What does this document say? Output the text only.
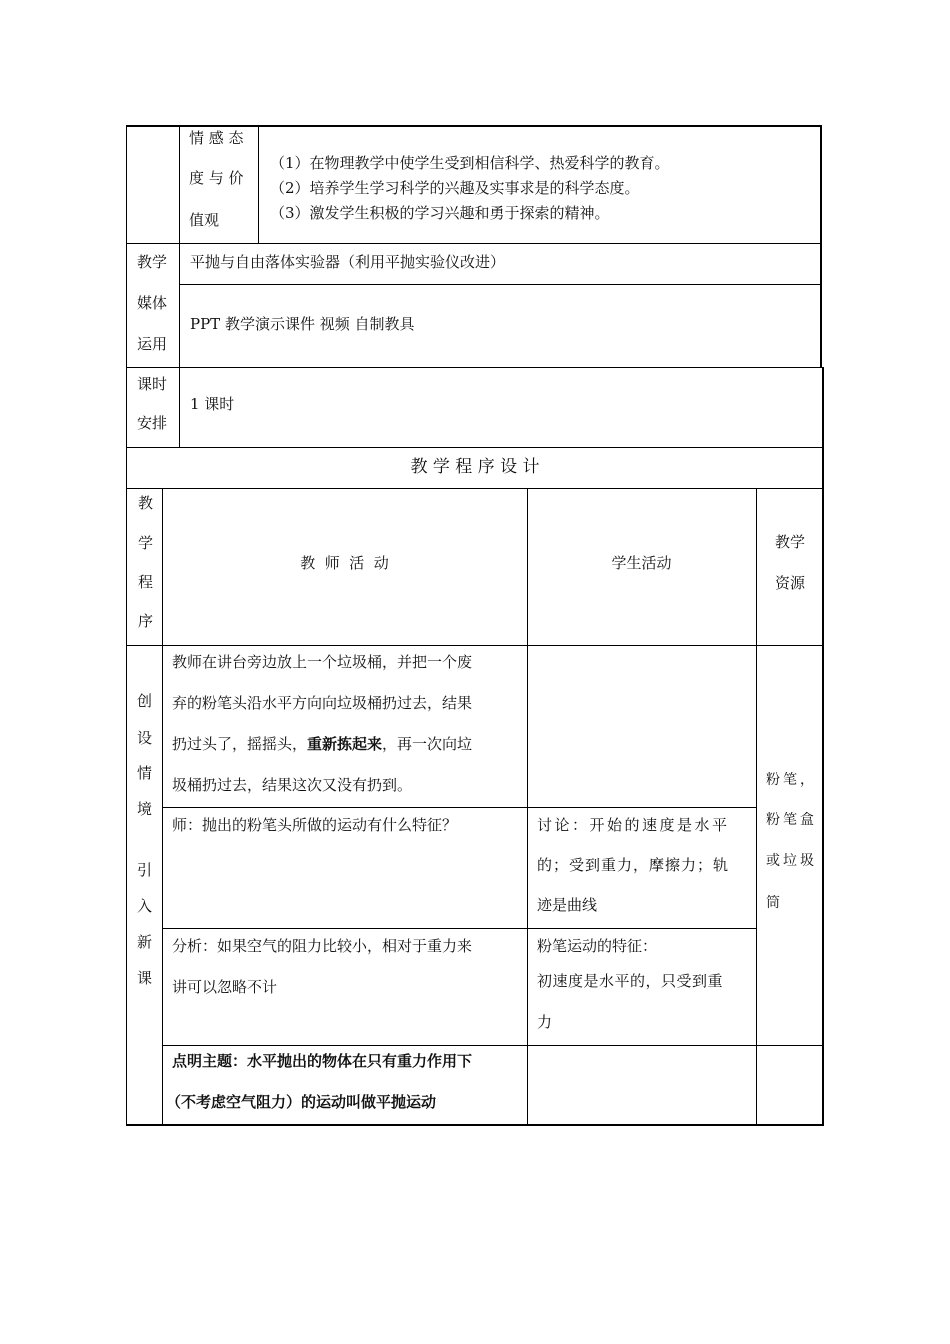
情 感 态
度 与 价
值观
（1）在物理教学中使学生受到相信科学、热爱科学的教育。
（2）培养学生学习科学的兴趣及实事求是的科学态度。
（3）激发学生积极的学习兴趣和勇于探索的精神。
教学
媒体
运用
平抛与自由落体实验器（利用平抛实验仪改进）
PPT 教学演示课件 视频 自制教具
课时
安排
1 课时
教 学 程 序 设 计
教
学
程
序
教  师  活  动	学生活动
教学
资源
创
设
情
境
引
入
新
课
教师在讲台旁边放上一个垃圾桶，并把一个废
弃的粉笔头沿水平方向向垃圾桶扔过去，结果
扔过头了，摇摇头，重新拣起来，再一次向垃
圾桶扔过去，结果这次又没有扔到。
师：抛出的粉笔头所做的运动有什么特征？	讨论：开始的速度是水平
的；受到重力，摩擦力；轨
迹是曲线
分析：如果空气的阻力比较小，相对于重力来
讲可以忽略不计
粉笔运动的特征：
初速度是水平的，只受到重
力
点明主题：水平抛出的物体在只有重力作用下
（不考虑空气阻力）的运动叫做平抛运动
粉笔，
粉笔盒
或垃圾
筒
